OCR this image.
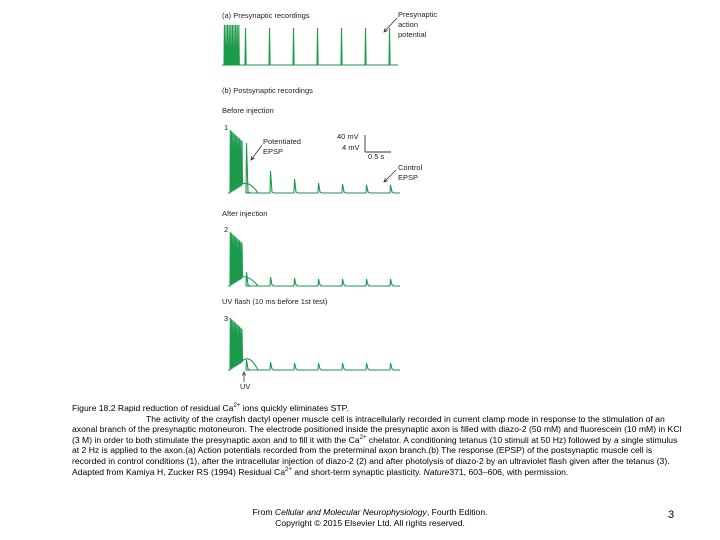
(a) Presynaptic recordings	Presynaptic
action
potential
(b) Postsynaptic recordings
Before injection
1
Potentiated
EPSP
40 mV
4 mV
0.5 s
Control
EPSP
After injection
2
UV flash (10 ms before 1st test)
3
UV

Figure 18.2 Rapid reduction of residual $Ca^{2+}$ ions quickly eliminates STP.

The activity of the crayfish dactyl opener muscle cell is intracellularly recorded in current clamp mode in response to the stimulation of an axonal branch of the presynaptic motoneuron. The electrode positioned inside the presynaptic axon is filled with diazo-2 (50 mM) and fluorescein (10 mM) in KCl (3 M) in order to both stimulate the presynaptic axon and to fill it with the $Ca^{2+}$ chelator. A conditioning tetanus (10 stimuli at 50 Hz) followed by a single stimulus at 2 Hz is applied to the axon.(a) Action potentials recorded from the preterminal axon branch.(b) The response (EPSP) of the postsynaptic muscle cell is recorded in control conditions (1), after the intracellular injection of diazo-2 (2) and after photolysis of diazo-2 by an ultraviolet flash given after the tetanus (3).

Adapted from Kamiya H, Zucker RS (1994) Residual $Ca^{2+}$ and short-term synaptic plasticity. Nature371, 603–606, with permission.

From Cellular and Molecular Neurophysiology, Fourth Edition.
Copyright © 2015 Elsevier Ltd. All rights reserved.
3
